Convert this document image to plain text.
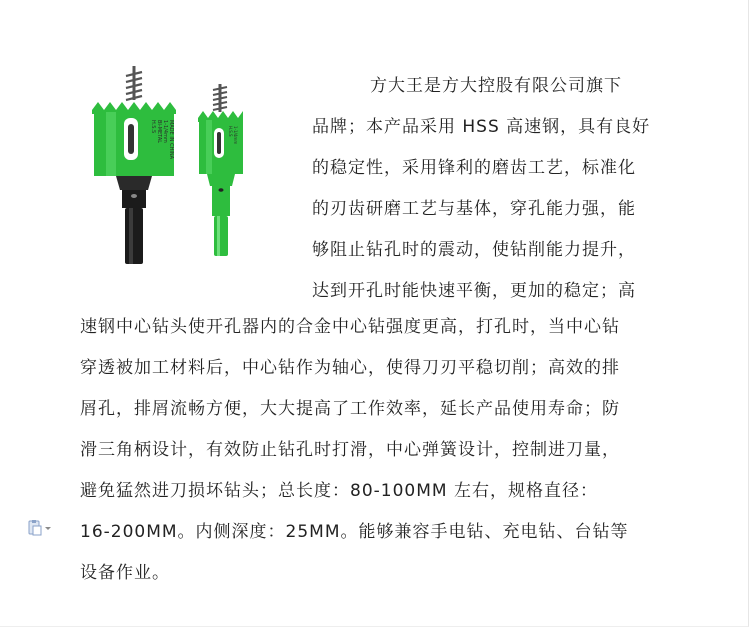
H.S.S BI-METAL 1-1/4mm MADE IN CHINA	H.S.S 1-1/4mm
方大王是方大控股有限公司旗下
品牌；本产品采用 HSS 高速钢，具有良好
的稳定性，采用锋利的磨齿工艺，标准化
的刃齿研磨工艺与基体，穿孔能力强，能
够阻止钻孔时的震动，使钻削能力提升，
达到开孔时能快速平衡，更加的稳定；高
速钢中心钻头使开孔器内的合金中心钻强度更高，打孔时，当中心钻
穿透被加工材料后，中心钻作为轴心，使得刀刃平稳切削；高效的排
屑孔，排屑流畅方便，大大提高了工作效率，延长产品使用寿命；防
滑三角柄设计，有效防止钻孔时打滑，中心弹簧设计，控制进刀量，
避免猛然进刀损坏钻头；总长度：80-100MM 左右，规格直径：
16-200MM。内侧深度：25MM。能够兼容手电钻、充电钻、台钻等
设备作业。
